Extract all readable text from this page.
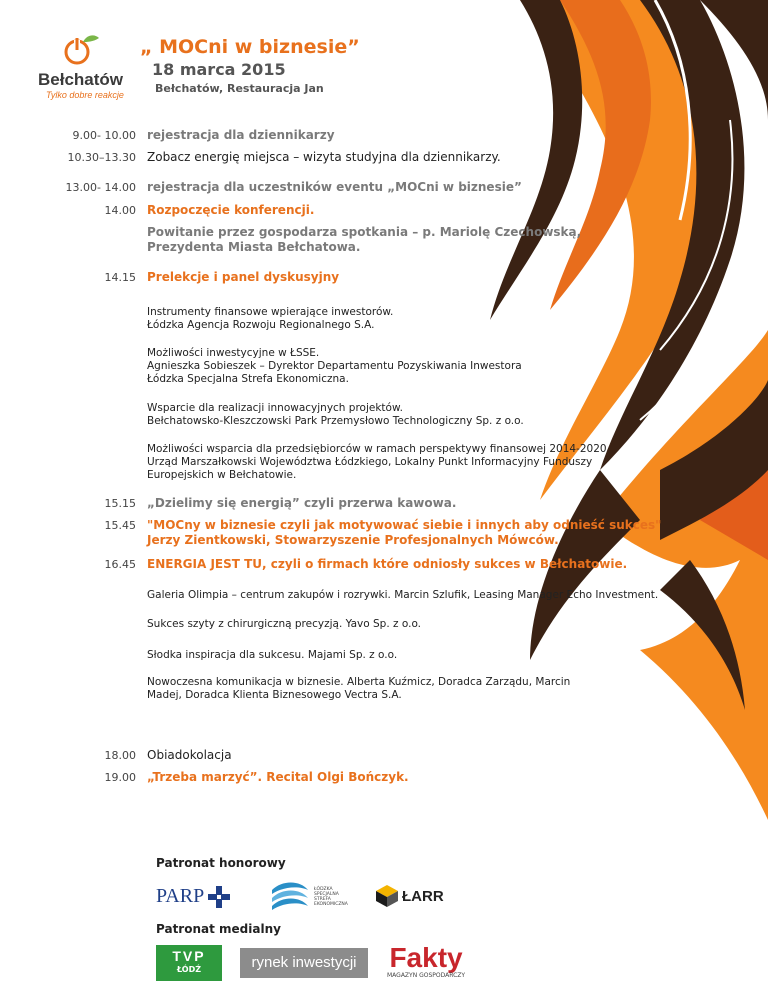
Bełchatów
Tylko dobre reakcje
„ MOCni w biznesie”
18 marca 2015
Bełchatów, Restauracja Jan
9.00- 10.00 rejestracja dla dziennikarzy
10.30–13.30 Zobacz energię miejsca – wizyta studyjna dla dziennikarzy.
13.00- 14.00 rejestracja dla uczestników eventu „MOCni w biznesie”
14.00 Rozpoczęcie konferencji.
Powitanie przez gospodarza spotkania – p. Mariolę Czechowską,
Prezydenta Miasta Bełchatowa.
14.15 Prelekcje i panel dyskusyjny
Instrumenty finansowe wpierające inwestorów.
Łódzka Agencja Rozwoju Regionalnego S.A.
Możliwości inwestycyjne w ŁSSE.
Agnieszka Sobieszek – Dyrektor Departamentu Pozyskiwania Inwestora
Łódzka Specjalna Strefa Ekonomiczna.
Wsparcie dla realizacji innowacyjnych projektów.
Bełchatowsko-Kleszczowski Park Przemysłowo Technologiczny Sp. z o.o.
Możliwości wsparcia dla przedsiębiorców w ramach perspektywy finansowej 2014-2020
Urząd Marszałkowski Województwa Łódzkiego, Lokalny Punkt Informacyjny Funduszy
Europejskich w Bełchatowie.
15.15 „Dzielimy się energią” czyli przerwa kawowa.
15.45 "MOCny w biznesie czyli jak motywować siebie i innych aby odnieść sukces"
Jerzy Zientkowski, Stowarzyszenie Profesjonalnych Mówców.
16.45 ENERGIA JEST TU, czyli o firmach które odniosły sukces w Bełchatowie.
Galeria Olimpia – centrum zakupów i rozrywki. Marcin Szlufik, Leasing Manager Echo Investment.
Sukces szyty z chirurgiczną precyzją. Yavo Sp. z o.o.
Słodka inspiracja dla sukcesu. Majami Sp. z o.o.
Nowoczesna komunikacja w biznesie. Alberta Kuźmicz, Doradca Zarządu, Marcin
Madej, Doradca Klienta Biznesowego Vectra S.A.
18.00 Obiadokolacja
19.00 „Trzeba marzyć”. Recital Olgi Bończyk.
Patronat honorowy
PARP	ŁÓDZKA
SPECJALNA
STREFA
EKONOMICZNA	ŁARR
Patronat medialny
TVP
ŁÓDŹ	rynek inwestycji	Fakty
MAGAZYN GOSPODARCZY
